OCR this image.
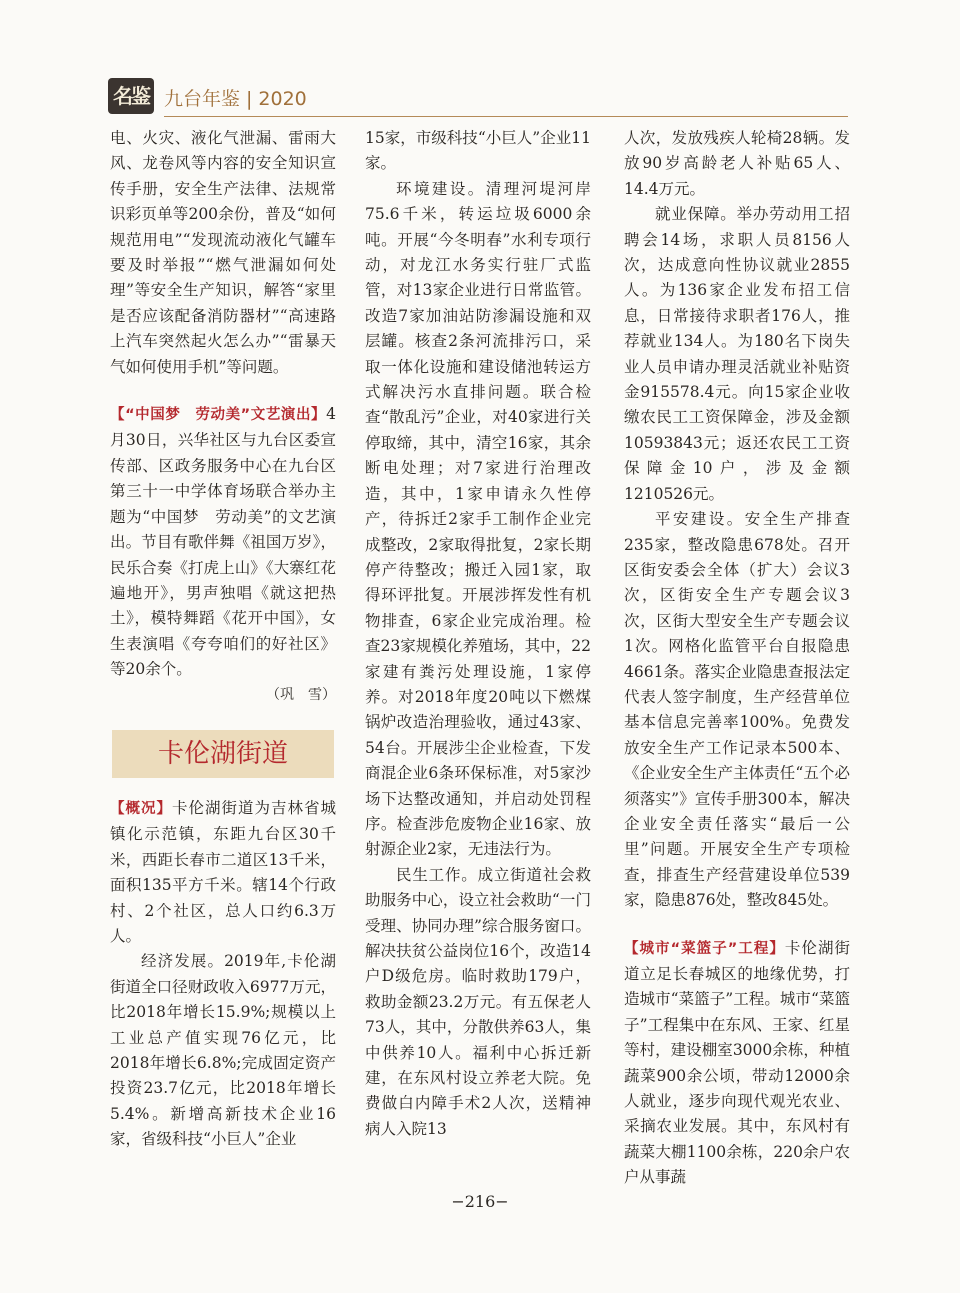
名鉴 九台年鉴 | 2020

电、火灾、液化气泄漏、雷雨大风、龙卷风等内容的安全知识宣传手册，安全生产法律、法规常识彩页单等200余份，普及“如何规范用电”“发现流动液化气罐车要及时举报”“燃气泄漏如何处理”等安全生产知识，解答“家里是否应该配备消防器材”“高速路上汽车突然起火怎么办”“雷暴天气如何使用手机”等问题。

【“中国梦　劳动美”文艺演出】4月30日，兴华社区与九台区委宣传部、区政务服务中心在九台区第三十一中学体育场联合举办主题为“中国梦　劳动美”的文艺演出。节目有歌伴舞《祖国万岁》，民乐合奏《打虎上山》《大寨红花遍地开》，男声独唱《就这把热土》，模特舞蹈《花开中国》，女生表演唱《夸夸咱们的好社区》等20余个。

（巩　雪）

卡伦湖街道

【概况】卡伦湖街道为吉林省城镇化示范镇，东距九台区30千米，西距长春市二道区13千米，面积135平方千米。辖14个行政村、2个社区，总人口约6.3万人。

经济发展。2019年,卡伦湖街道全口径财政收入6977万元，比2018年增长15.9%;规模以上工业总产值实现76亿元，比2018年增长6.8%;完成固定资产投资23.7亿元，比2018年增长5.4%。新增高新技术企业16家，省级科技“小巨人”企业

15家，市级科技“小巨人”企业11家。

环境建设。清理河堤河岸75.6千米，转运垃圾6000余吨。开展“今冬明春”水利专项行动，对龙江水务实行驻厂式监管，对13家企业进行日常监管。改造7家加油站防渗漏设施和双层罐。核查2条河流排污口，采取一体化设施和建设储池转运方式解决污水直排问题。联合检查“散乱污”企业，对40家进行关停取缔，其中，清空16家，其余断电处理；对7家进行治理改造，其中，1家申请永久性停产，待拆迁2家手工制作企业完成整改，2家取得批复，2家长期停产待整改；搬迁入园1家，取得环评批复。开展涉挥发性有机物排查，6家企业完成治理。检查23家规模化养殖场，其中，22家建有粪污处理设施，1家停养。对2018年度20吨以下燃煤锅炉改造治理验收，通过43家、54台。开展涉尘企业检查，下发商混企业6条环保标准，对5家沙场下达整改通知，并启动处罚程序。检查涉危废物企业16家、放射源企业2家，无违法行为。

民生工作。成立街道社会救助服务中心，设立社会救助“一门受理、协同办理”综合服务窗口。解决扶贫公益岗位16个，改造14户D级危房。临时救助179户，救助金额23.2万元。有五保老人73人，其中，分散供养63人，集中供养10人。福利中心拆迁新建，在东风村设立养老大院。免费做白内障手术2人次，送精神病人入院13

人次，发放残疾人轮椅28辆。发放90岁高龄老人补贴65人、14.4万元。

就业保障。举办劳动用工招聘会14场，求职人员8156人次，达成意向性协议就业2855人。为136家企业发布招工信息，日常接待求职者176人，推荐就业134人。为180名下岗失业人员申请办理灵活就业补贴资金915578.4元。向15家企业收缴农民工工资保障金，涉及金额10593843元；返还农民工工资保障金10户，涉及金额1210526元。

平安建设。安全生产排查235家，整改隐患678处。召开区街安委会全体（扩大）会议3次，区街安全生产专题会议3次，区街大型安全生产专题会议1次。网格化监管平台自报隐患4661条。落实企业隐患查报法定代表人签字制度，生产经营单位基本信息完善率100%。免费发放安全生产工作记录本500本、《企业安全生产主体责任“五个必须落实”》宣传手册300本，解决企业安全责任落实“最后一公里”问题。开展安全生产专项检查，排查生产经营建设单位539家，隐患876处，整改845处。

【城市“菜篮子”工程】卡伦湖街道立足长春城区的地缘优势，打造城市“菜篮子”工程。城市“菜篮子”工程集中在东风、王家、红星等村，建设棚室3000余栋，种植蔬菜900余公顷，带动12000余人就业，逐步向现代观光农业、采摘农业发展。其中，东风村有蔬菜大棚1100余栋，220余户农户从事蔬

−216−
